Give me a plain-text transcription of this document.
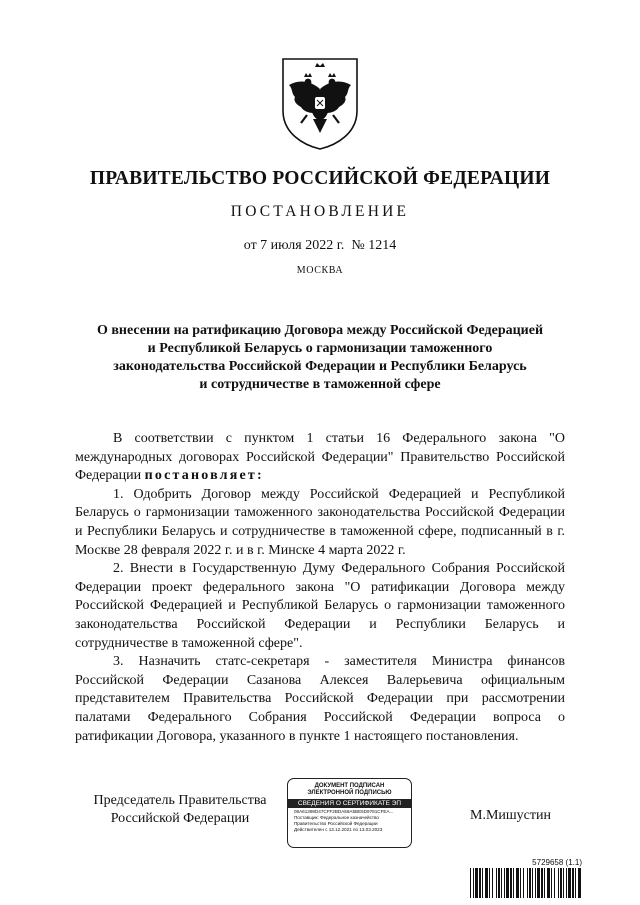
ПРАВИТЕЛЬСТВО РОССИЙСКОЙ ФЕДЕРАЦИИ
ПОСТАНОВЛЕНИЕ
от 7 июля 2022 г. № 1214
МОСКВА
О внесении на ратификацию Договора между Российской Федерацией
и Республикой Беларусь о гармонизации таможенного
законодательства Российской Федерации и Республики Беларусь
и сотрудничестве в таможенной сфере

В соответствии с пунктом 1 статьи 16 Федерального закона "О международных договорах Российской Федерации" Правительство Российской Федерации постановляет:

1. Одобрить Договор между Российской Федерацией и Республикой Беларусь о гармонизации таможенного законодательства Российской Федерации и Республики Беларусь и сотрудничестве в таможенной сфере, подписанный в г. Москве 28 февраля 2022 г. и в г. Минске 4 марта 2022 г.

2. Внести в Государственную Думу Федерального Собрания Российской Федерации проект федерального закона "О ратификации Договора между Российской Федерацией и Республикой Беларусь о гармонизации таможенного законодательства Российской Федерации и Республики Беларусь и сотрудничестве в таможенной сфере".

3. Назначить статс-секретаря - заместителя Министра финансов Российской Федерации Сазанова Алексея Валерьевича официальным представителем Правительства Российской Федерации при рассмотрении палатами Федерального Собрания Российской Федерации вопроса о ратификации Договора, указанного в пункте 1 настоящего постановления.

Председатель Правительства
Российской Федерации
ДОКУМЕНТ ПОДПИСАН
ЭЛЕКТРОННОЙ ПОДПИСЬЮ
СВЕДЕНИЯ О СЕРТИФИКАТЕ ЭП
08A61398D47CFF2BDA59A5BE5D9781CFEA...
Поставщик: Федеральное казначейство
Правительство Российской Федерации
Действителен с 13.12.2021 по 13.03.2023
М.Мишустин
5729658 (1.1)
